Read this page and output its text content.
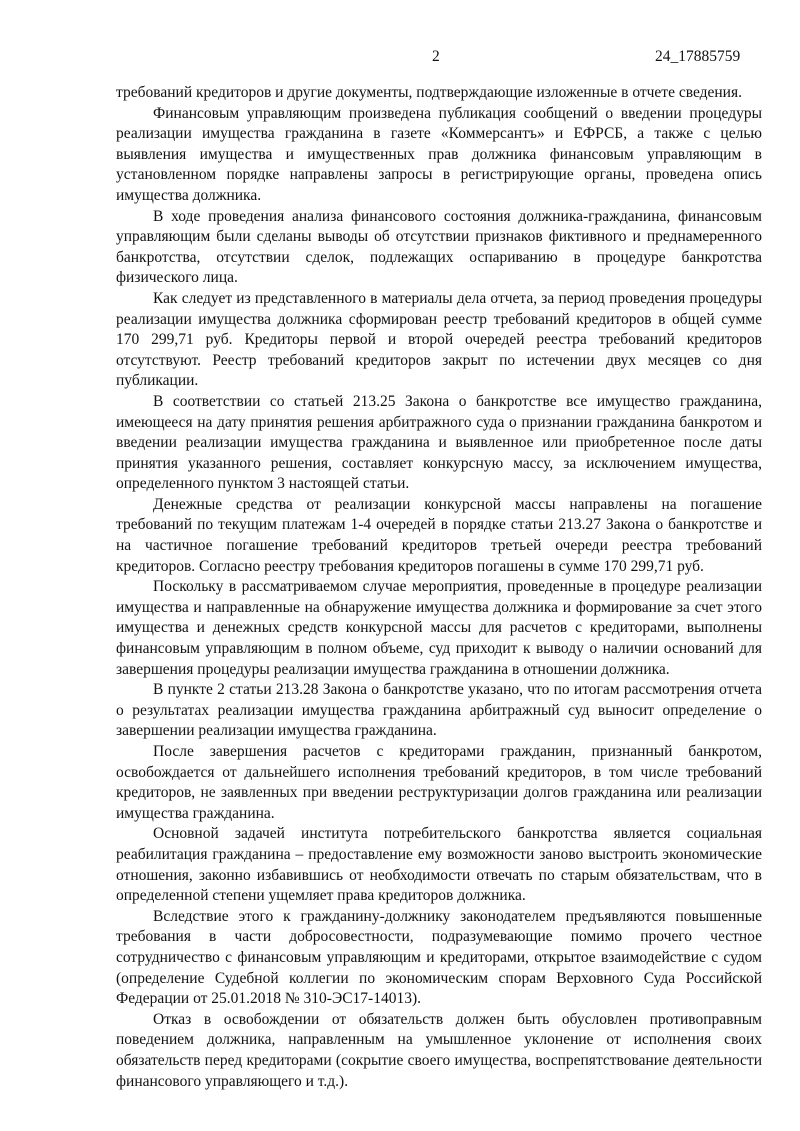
2	24_17885759

требований кредиторов и другие документы, подтверждающие изложенные в отчете сведения.

Финансовым управляющим произведена публикация сообщений о введении процедуры реализации имущества гражданина в газете «Коммерсантъ» и ЕФРСБ, а также с целью выявления имущества и имущественных прав должника финансовым управляющим в установленном порядке направлены запросы в регистрирующие органы, проведена опись имущества должника.

В ходе проведения анализа финансового состояния должника-гражданина, финансовым управляющим были сделаны выводы об отсутствии признаков фиктивного и преднамеренного банкротства, отсутствии сделок, подлежащих оспариванию в процедуре банкротства физического лица.

Как следует из представленного в материалы дела отчета, за период проведения процедуры реализации имущества должника сформирован реестр требований кредиторов в общей сумме 170 299,71 руб. Кредиторы первой и второй очередей реестра требований кредиторов отсутствуют. Реестр требований кредиторов закрыт по истечении двух месяцев со дня публикации.

В соответствии со статьей 213.25 Закона о банкротстве все имущество гражданина, имеющееся на дату принятия решения арбитражного суда о признании гражданина банкротом и введении реализации имущества гражданина и выявленное или приобретенное после даты принятия указанного решения, составляет конкурсную массу, за исключением имущества, определенного пунктом 3 настоящей статьи.

Денежные средства от реализации конкурсной массы направлены на погашение требований по текущим платежам 1-4 очередей в порядке статьи 213.27 Закона о банкротстве и на частичное погашение требований кредиторов третьей очереди реестра требований кредиторов. Согласно реестру требования кредиторов погашены в сумме 170 299,71 руб.

Поскольку в рассматриваемом случае мероприятия, проведенные в процедуре реализации имущества и направленные на обнаружение имущества должника и формирование за счет этого имущества и денежных средств конкурсной массы для расчетов с кредиторами, выполнены финансовым управляющим в полном объеме, суд приходит к выводу о наличии оснований для завершения процедуры реализации имущества гражданина в отношении должника.

В пункте 2 статьи 213.28 Закона о банкротстве указано, что по итогам рассмотрения отчета о результатах реализации имущества гражданина арбитражный суд выносит определение о завершении реализации имущества гражданина.

После завершения расчетов с кредиторами гражданин, признанный банкротом, освобождается от дальнейшего исполнения требований кредиторов, в том числе требований кредиторов, не заявленных при введении реструктуризации долгов гражданина или реализации имущества гражданина.

Основной задачей института потребительского банкротства является социальная реабилитация гражданина – предоставление ему возможности заново выстроить экономические отношения, законно избавившись от необходимости отвечать по старым обязательствам, что в определенной степени ущемляет права кредиторов должника.

Вследствие этого к гражданину-должнику законодателем предъявляются повышенные требования в части добросовестности, подразумевающие помимо прочего честное сотрудничество с финансовым управляющим и кредиторами, открытое взаимодействие с судом (определение Судебной коллегии по экономическим спорам Верховного Суда Российской Федерации от 25.01.2018 № 310-ЭС17-14013).

Отказ в освобождении от обязательств должен быть обусловлен противоправным поведением должника, направленным на умышленное уклонение от исполнения своих обязательств перед кредиторами (сокрытие своего имущества, воспрепятствование деятельности финансового управляющего и т.д.).
